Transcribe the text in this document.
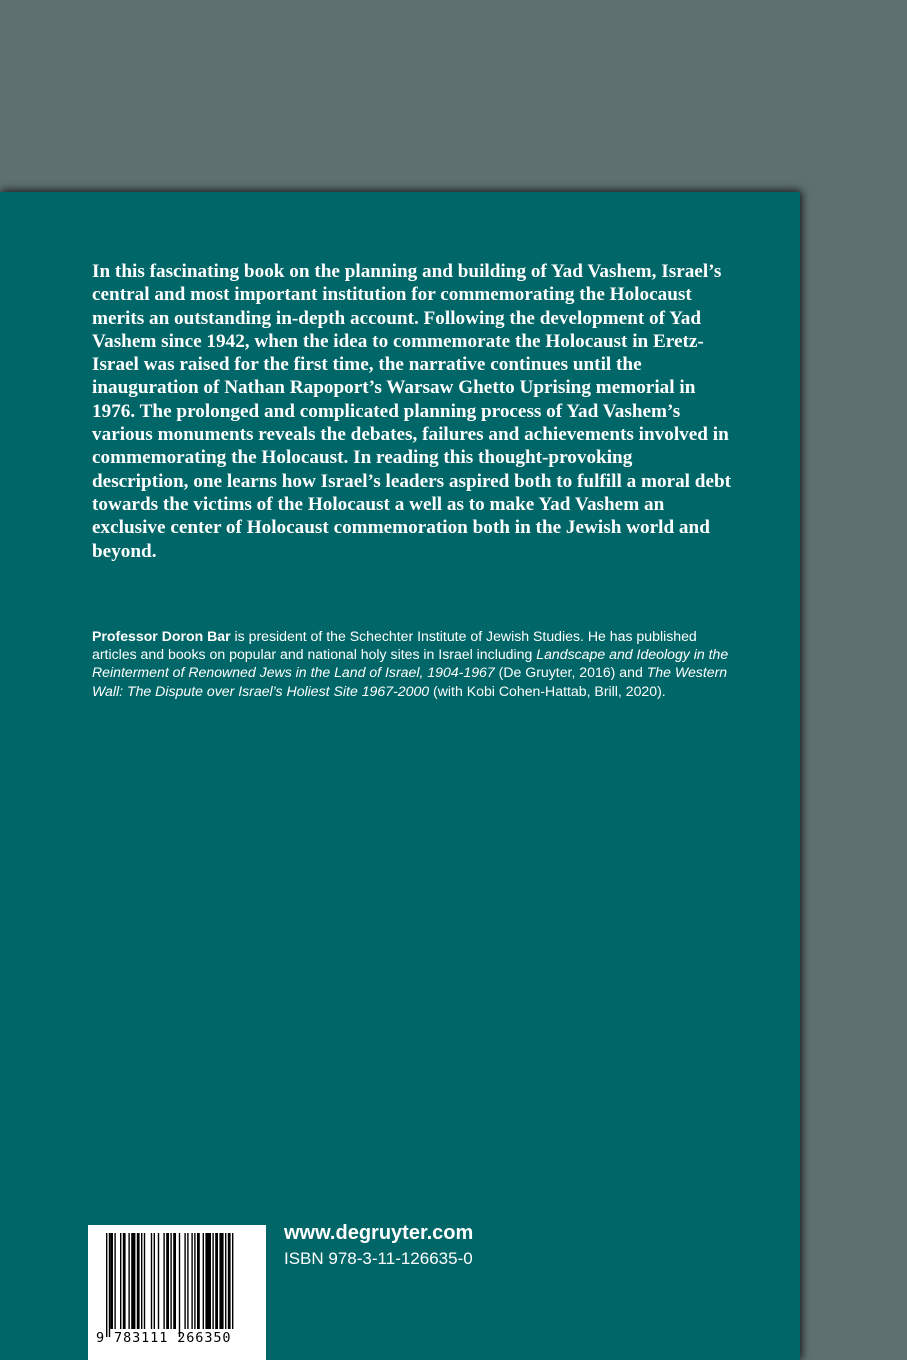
In this fascinating book on the planning and building of Yad Vashem, Israel’s central and most important institution for commemorating the Holocaust merits an outstanding in-depth account. Following the development of Yad Vashem since 1942, when the idea to commemorate the Holocaust in Eretz-Israel was raised for the first time, the narrative continues until the inauguration of Nathan Rapoport’s Warsaw Ghetto Uprising memorial in 1976. The prolonged and complicated planning process of Yad Vashem’s various monuments reveals the debates, failures and achievements involved in commemorating the Holocaust. In reading this thought-provoking description, one learns how Israel’s leaders aspired both to fulfill a moral debt towards the victims of the Holocaust a well as to make Yad Vashem an exclusive center of Holocaust commemoration both in the Jewish world and beyond.

Professor Doron Bar is president of the Schechter Institute of Jewish Studies. He has published articles and books on popular and national holy sites in Israel including Landscape and Ideology in the Reinterment of Renowned Jews in the Land of Israel, 1904-1967 (De Gruyter, 2016) and The Western Wall: The Dispute over Israel’s Holiest Site 1967-2000 (with Kobi Cohen-Hattab, Brill, 2020).

9 783111 266350

www.degruyter.com

ISBN 978-3-11-126635-0
